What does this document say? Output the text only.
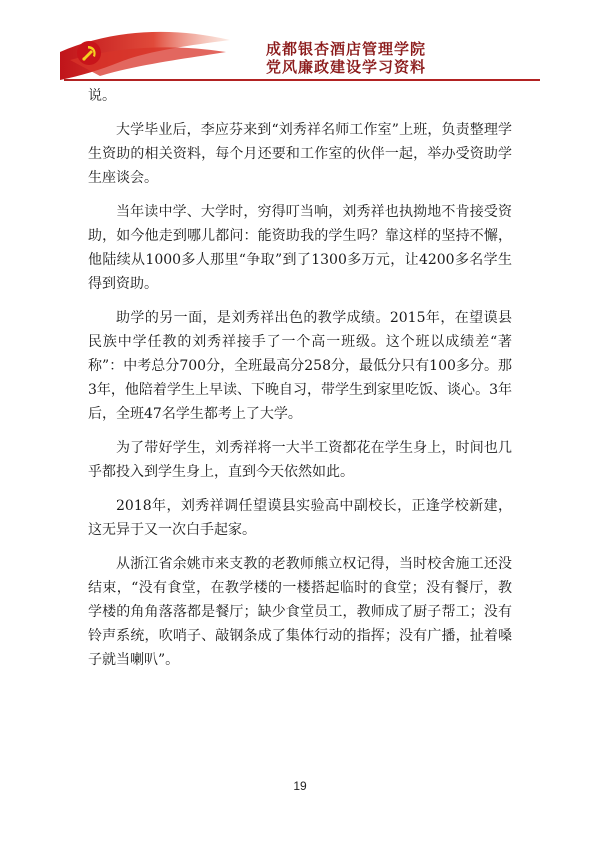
成都银杏酒店管理学院
党风廉政建设学习资料

说。

大学毕业后，李应芬来到“刘秀祥名师工作室”上班，负责整理学生资助的相关资料，每个月还要和工作室的伙伴一起，举办受资助学生座谈会。

当年读中学、大学时，穷得叮当响，刘秀祥也执拗地不肯接受资助，如今他走到哪儿都问：能资助我的学生吗？靠这样的坚持不懈，他陆续从1000多人那里“争取”到了1300多万元，让4200多名学生得到资助。

助学的另一面，是刘秀祥出色的教学成绩。2015年，在望谟县民族中学任教的刘秀祥接手了一个高一班级。这个班以成绩差“著称”：中考总分700分，全班最高分258分，最低分只有100多分。那3年，他陪着学生上早读、下晚自习，带学生到家里吃饭、谈心。3年后，全班47名学生都考上了大学。

为了带好学生，刘秀祥将一大半工资都花在学生身上，时间也几乎都投入到学生身上，直到今天依然如此。

2018年，刘秀祥调任望谟县实验高中副校长，正逢学校新建，这无异于又一次白手起家。

从浙江省余姚市来支教的老教师熊立权记得，当时校舍施工还没结束，“没有食堂，在教学楼的一楼搭起临时的食堂；没有餐厅，教学楼的角角落落都是餐厅；缺少食堂员工，教师成了厨子帮工；没有铃声系统，吹哨子、敲钢条成了集体行动的指挥；没有广播，扯着嗓子就当喇叭”。

19
